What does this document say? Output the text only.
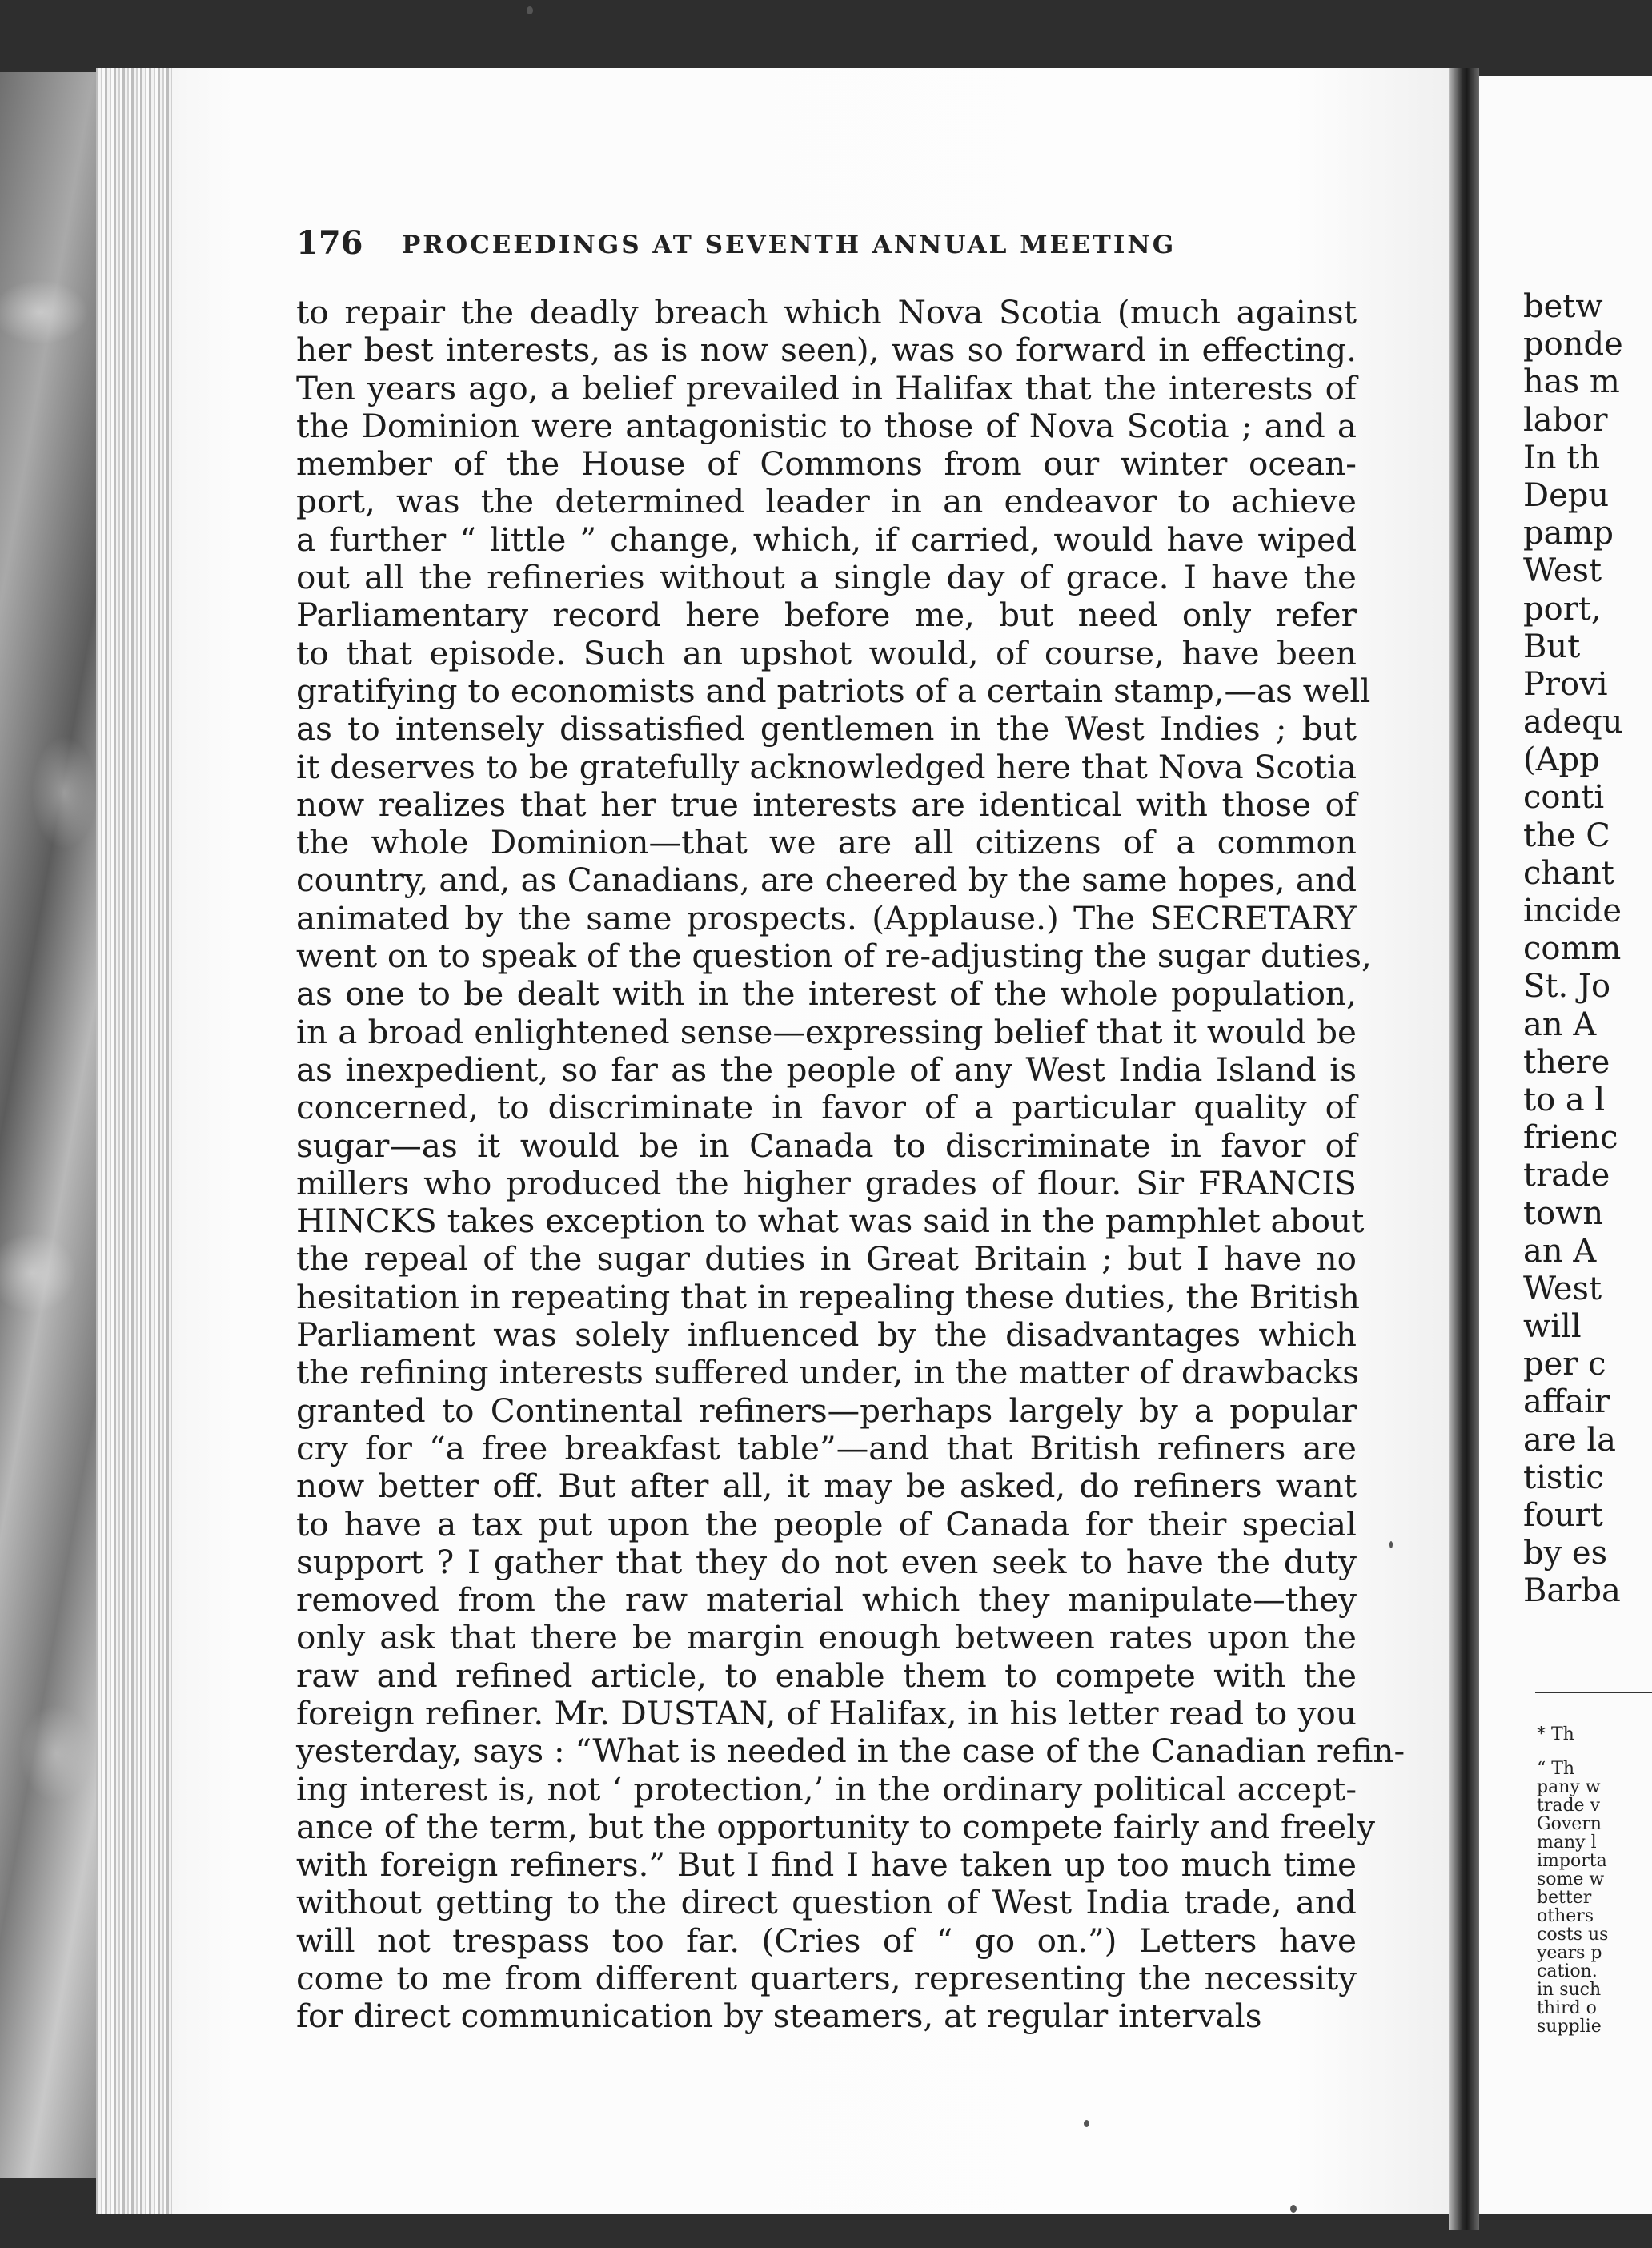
176 PROCEEDINGS AT SEVENTH ANNUAL MEETING
to repair the deadly breach which Nova Scotia (much against
her best interests, as is now seen), was so forward in effecting.
Ten years ago, a belief prevailed in Halifax that the interests of
the Dominion were antagonistic to those of Nova Scotia ; and a
member of the House of Commons from our winter ocean-
port, was the determined leader in an endeavor to achieve
a further “ little ” change, which, if carried, would have wiped
out all the refineries without a single day of grace. I have the
Parliamentary record here before me, but need only refer
to that episode. Such an upshot would, of course, have been
gratifying to economists and patriots of a certain stamp,—as well
as to intensely dissatisfied gentlemen in the West Indies ; but
it deserves to be gratefully acknowledged here that Nova Scotia
now realizes that her true interests are identical with those of
the whole Dominion—that we are all citizens of a common
country, and, as Canadians, are cheered by the same hopes, and
animated by the same prospects. (Applause.) The SECRETARY
went on to speak of the question of re-adjusting the sugar duties,
as one to be dealt with in the interest of the whole population,
in a broad enlightened sense—expressing belief that it would be
as inexpedient, so far as the people of any West India Island is
concerned, to discriminate in favor of a particular quality of
sugar—as it would be in Canada to discriminate in favor of
millers who produced the higher grades of flour. Sir FRANCIS
HINCKS takes exception to what was said in the pamphlet about
the repeal of the sugar duties in Great Britain ; but I have no
hesitation in repeating that in repealing these duties, the British
Parliament was solely influenced by the disadvantages which
the refining interests suffered under, in the matter of drawbacks
granted to Continental refiners—perhaps largely by a popular
cry for “a free breakfast table”—and that British refiners are
now better off. But after all, it may be asked, do refiners want
to have a tax put upon the people of Canada for their special
support ? I gather that they do not even seek to have the duty
removed from the raw material which they manipulate—they
only ask that there be margin enough between rates upon the
raw and refined article, to enable them to compete with the
foreign refiner. Mr. DUSTAN, of Halifax, in his letter read to you
yesterday, says : “What is needed in the case of the Canadian refin-
ing interest is, not ‘ protection,’ in the ordinary political accept-
ance of the term, but the opportunity to compete fairly and freely
with foreign refiners.” But I find I have taken up too much time
without getting to the direct question of West India trade, and
will not trespass too far. (Cries of “ go on.”) Letters have
come to me from different quarters, representing the necessity
for direct communication by steamers, at regular intervals
betw
ponde
has m
labor
In th
Depu
pamp
West
port,
But
Provi
adequ
(App
conti
the C
chant
incide
comm
St. Jo
an A
there
to a l
frienc
trade
town
an A
West
will
per c
affair
are la
tistic
fourt
by es
Barba
* Th
“ Th
pany w
trade v
Govern
many l
importa
some w
better
others
costs us
years p
cation.
in such
third o
supplie
